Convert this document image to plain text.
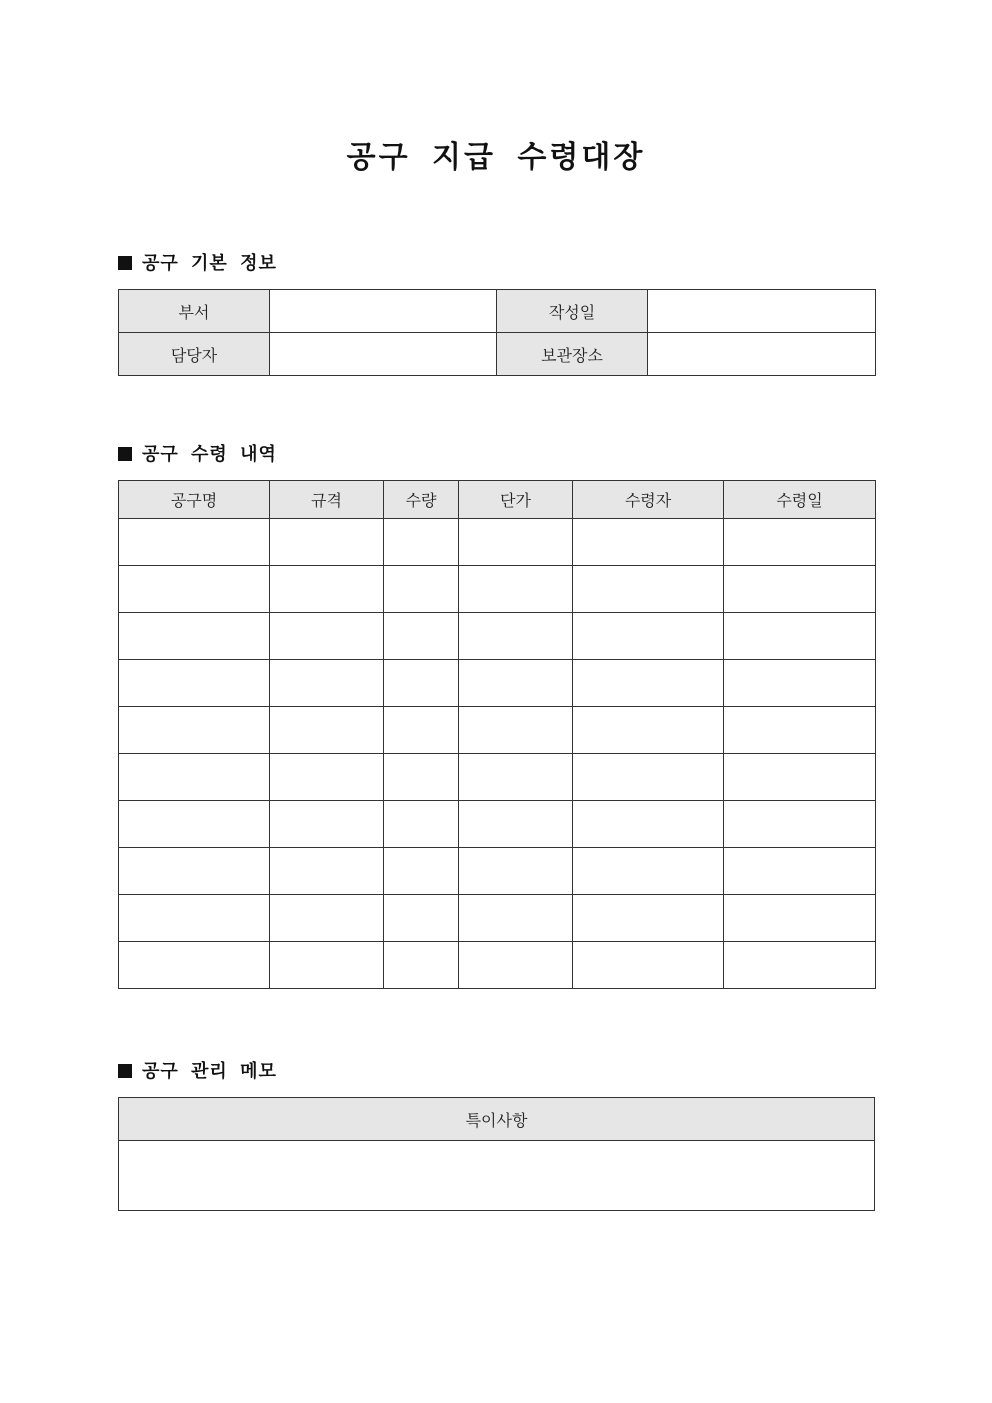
공구 지급 수령대장
공구 기본 정보
부서		작성일	
담당자		보관장소	
공구 수령 내역
공구명	규격	수량	단가	수령자	수령일

공구 관리 메모
특이사항
